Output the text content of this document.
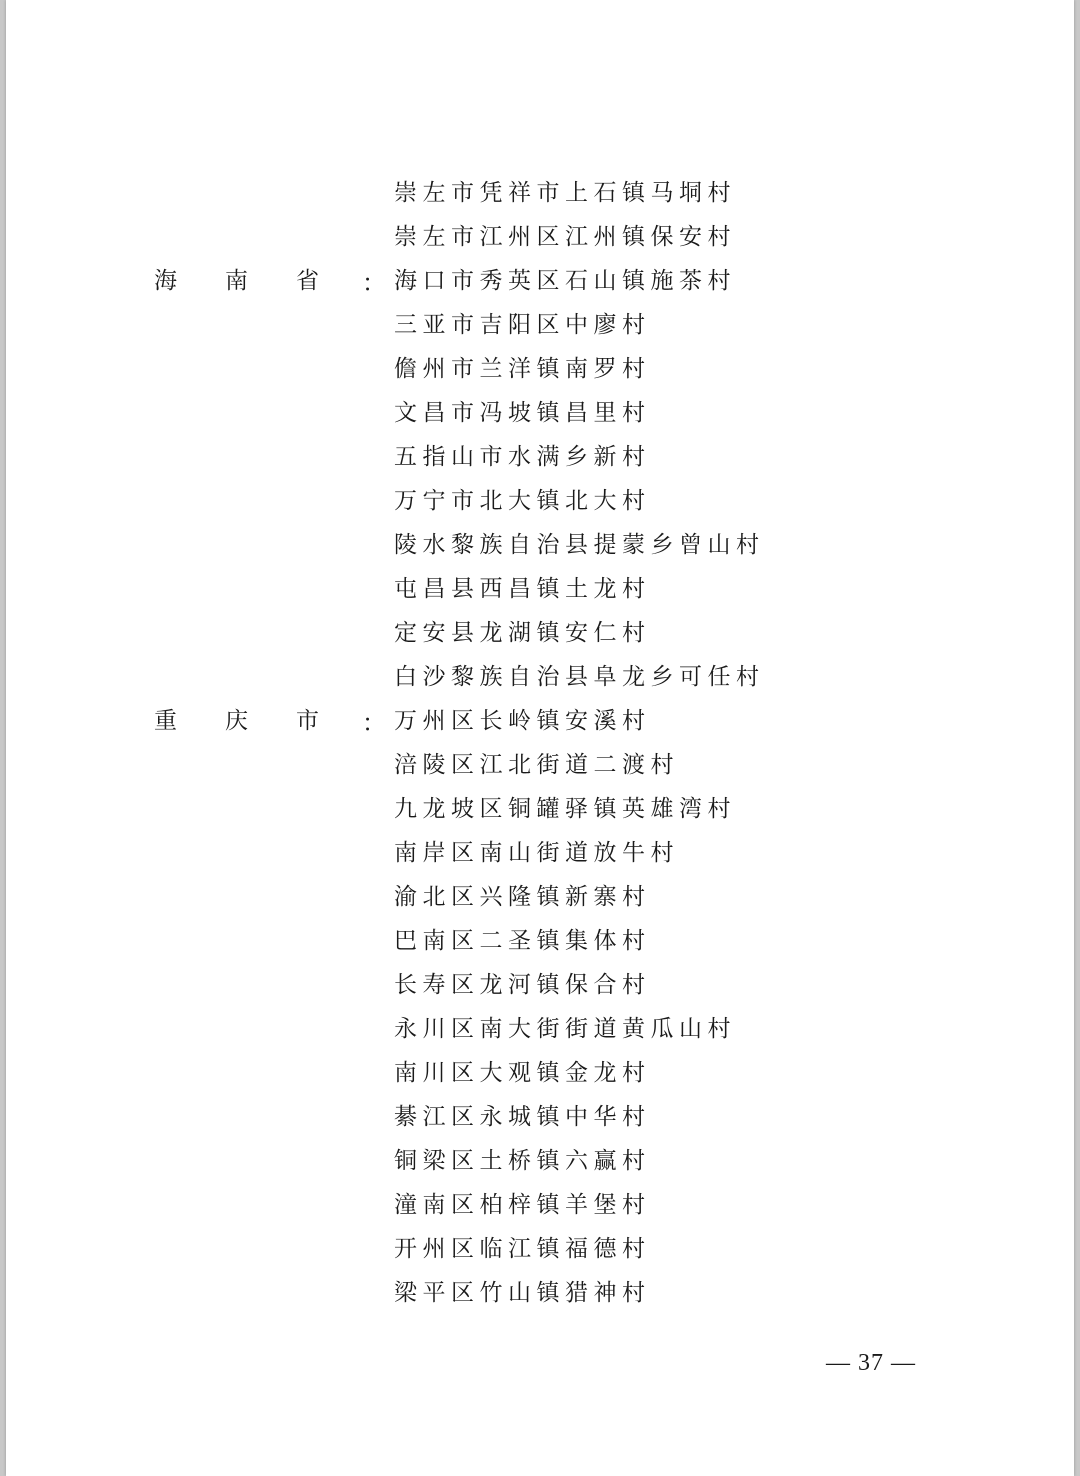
崇左市凭祥市上石镇马垌村
崇左市江州区江州镇保安村
海 南 省 ： 海口市秀英区石山镇施茶村
三亚市吉阳区中廖村
儋州市兰洋镇南罗村
文昌市冯坡镇昌里村
五指山市水满乡新村
万宁市北大镇北大村
陵水黎族自治县提蒙乡曾山村
屯昌县西昌镇土龙村
定安县龙湖镇安仁村
白沙黎族自治县阜龙乡可任村
重 庆 市 ： 万州区长岭镇安溪村
涪陵区江北街道二渡村
九龙坡区铜罐驿镇英雄湾村
南岸区南山街道放牛村
渝北区兴隆镇新寨村
巴南区二圣镇集体村
长寿区龙河镇保合村
永川区南大街街道黄瓜山村
南川区大观镇金龙村
綦江区永城镇中华村
铜梁区土桥镇六赢村
潼南区柏梓镇羊堡村
开州区临江镇福德村
梁平区竹山镇猎神村
— 37 —
